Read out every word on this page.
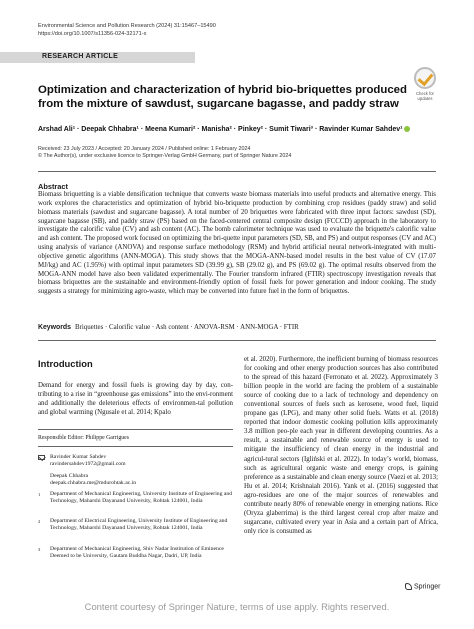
Environmental Science and Pollution Research (2024) 31:15467–15490
https://doi.org/10.1007/s11356-024-32171-x
RESEARCH ARTICLE
Check for updates
Optimization and characterization of hybrid bio-briquettes produced from the mixture of sawdust, sugarcane bagasse, and paddy straw
Arshad Ali¹ · Deepak Chhabra¹ · Meena Kumari² · Manisha² · Pinkey² · Sumit Tiwari³ · Ravinder Kumar Sahdev¹
Received: 23 July 2023 / Accepted: 20 January 2024 / Published online: 1 February 2024
© The Author(s), under exclusive licence to Springer-Verlag GmbH Germany, part of Springer Nature 2024
Abstract
Biomass briquetting is a viable densification technique that converts waste biomass materials into useful products and alternative energy. This work explores the characteristics and optimization of hybrid bio-briquette production by combining crop residues (paddy straw) and solid biomass materials (sawdust and sugarcane bagasse). A total number of 20 briquettes were fabricated with three input factors: sawdust (SD), sugarcane bagasse (SB), and paddy straw (PS) based on the faced-centered central composite design (FCCCD) approach in the laboratory to investigate the calorific value (CV) and ash content (AC). The bomb calorimeter technique was used to evaluate the briquette's calorific value and ash content. The proposed work focused on optimizing the bri-quette input parameters (SD, SB, and PS) and output responses (CV and AC) using analysis of variance (ANOVA) and response surface methodology (RSM) and hybrid artificial neural network-integrated with multi-objective genetic algorithms (ANN-MOGA). This study shows that the MOGA-ANN-based model results in the best value of CV (17.07 MJ/kg) and AC (1.95%) with optimal input parameters SD (39.99 g), SB (29.02 g), and PS (69.02 g). The optimal results observed from the MOGA-ANN model have also been validated experimentally. The Fourier transform infrared (FTIR) spectroscopy investigation reveals that biomass briquettes are the sustainable and environment-friendly option of fossil fuels for power generation and indoor cooking. The study suggests a strategy for minimizing agro-waste, which may be converted into future fuel in the form of briquettes.
Keywords Briquettes · Calorific value · Ash content · ANOVA-RSM · ANN-MOGA · FTIR
Introduction
Demand for energy and fossil fuels is growing day by day, con-tributing to a rise in “greenhouse gas emissions” into the envi-ronment and additionally the deleterious effects of environmen-tal pollution and global warming (Ngusale et al. 2014; Kpalo
et al. 2020). Furthermore, the inefficient burning of biomass resources for cooking and other energy production sources has also contributed to the spread of this hazard (Ferronato et al. 2022). Approximately 3 billion people in the world are facing the problem of a sustainable source of cooking due to a lack of technology and dependency on conventional sources of fuels such as kerosene, wood fuel, liquid propane gas (LPG), and many other solid fuels. Watts et al. (2018) reported that indoor domestic cooking pollution kills approximately 3.8 million peo-ple each year in different developing countries. As a result, a sustainable and renewable source of energy is used to mitigate the insufficiency of clean energy in the industrial and agricul-tural sectors (Iglińskі et al. 2022). In today’s world, biomass, such as agricultural organic waste and energy crops, is gaining preference as a sustainable and clean energy source (Vaezi et al. 2013; Hu et al. 2014; Krishnaiah 2016). Yank et al. (2016) suggested that agro-residues are one of the major sources of renewables and contribute nearly 80% of renewable energy in emerging nations. Rice (Oryza glaberrima) is the third largest cereal crop after maize and sugarcane, cultivated every year in Asia and a certain part of Africa, only rice is consumed as
Responsible Editor: Philippe Garrigues
Ravinder Kumar Sahdev
ravindersahdev1972@gmail.com
Deepak Chhabra
deepak.chhabra.me@mdurohtak.ac.in
1 Department of Mechanical Engineering, University Institute of Engineering and Technology, Maharshi Dayanand University, Rohtak 124001, India
2 Department of Electrical Engineering, University Institute of Engineering and Technology, Maharshi Dayanand University, Rohtak 124001, India
3 Department of Mechanical Engineering, Shiv Nadar Institution of Eminence Deemed to be University, Gautam Buddha Nagar, Dadri, UP, India
Springer
Content courtesy of Springer Nature, terms of use apply. Rights reserved.
